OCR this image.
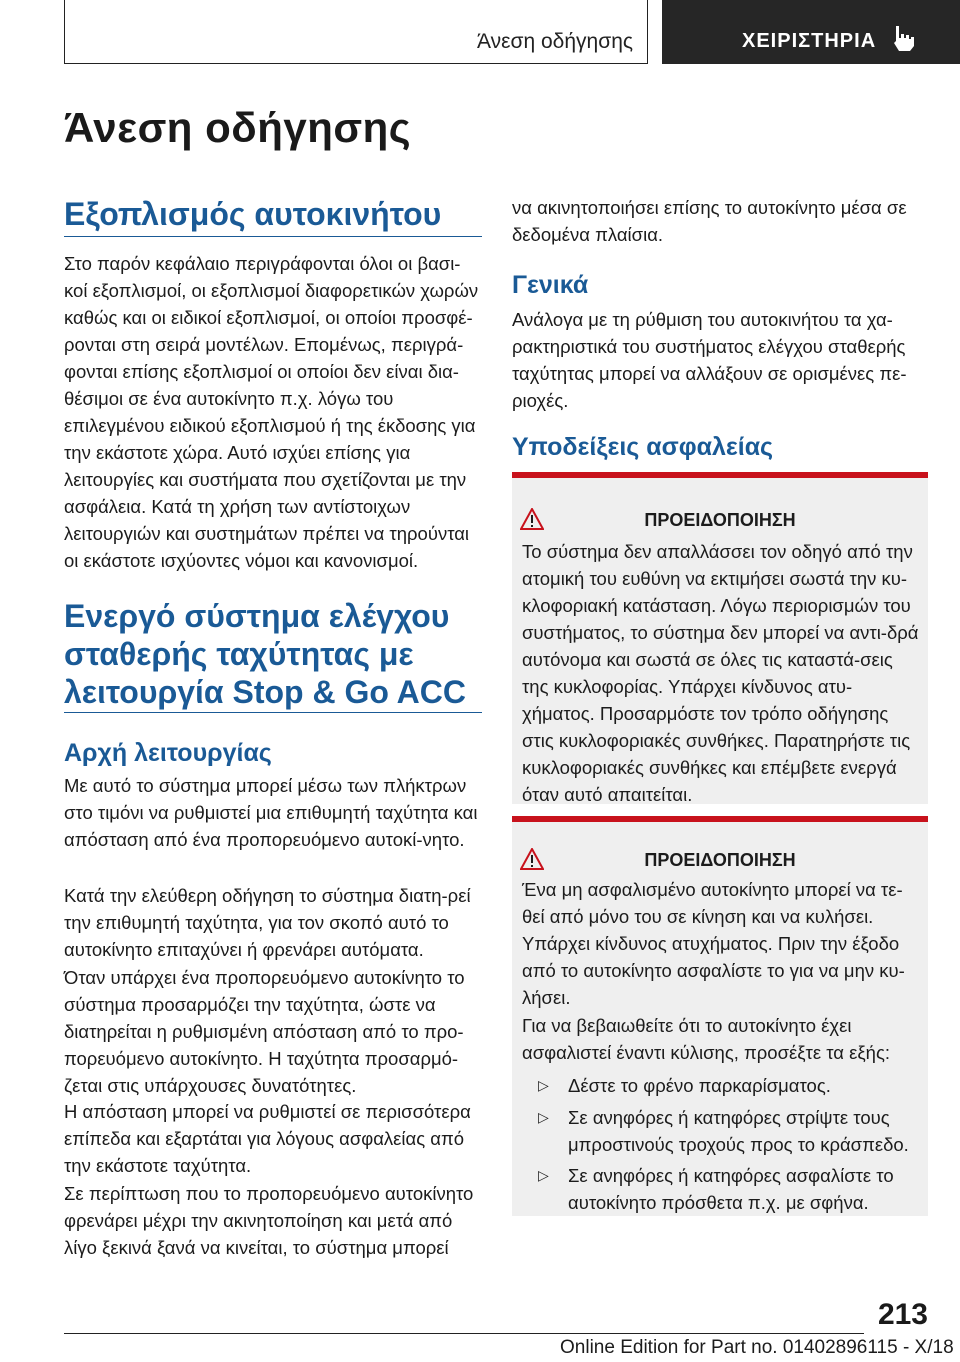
Άνεση οδήγησης	ΧΕΙΡΙΣΤΗΡΙΑ
Άνεση οδήγησης
Εξοπλισμός αυτοκινήτου

Στο παρόν κεφάλαιο περιγράφονται όλοι οι βασι-κοί εξοπλισμοί, οι εξοπλισμοί διαφορετικών χωρών καθώς και οι ειδικοί εξοπλισμοί, οι οποίοι προσφέ-ρονται στη σειρά μοντέλων. Επομένως, περιγρά-φονται επίσης εξοπλισμοί οι οποίοι δεν είναι δια-θέσιμοι σε ένα αυτοκίνητο π.χ. λόγω του επιλεγμένου ειδικού εξοπλισμού ή της έκδοσης για την εκάστοτε χώρα. Αυτό ισχύει επίσης για λειτουργίες και συστήματα που σχετίζονται με την ασφάλεια. Κατά τη χρήση των αντίστοιχων λειτουργιών και συστημάτων πρέπει να τηρούνται οι εκάστοτε ισχύοντες νόμοι και κανονισμοί.

Ενεργό σύστημα ελέγχου
σταθερής ταχύτητας με
λειτουργία Stop & Go ACC
Αρχή λειτουργίας

Με αυτό το σύστημα μπορεί μέσω των πλήκτρων στο τιμόνι να ρυθμιστεί μια επιθυμητή ταχύτητα και απόσταση από ένα προπορευόμενο αυτοκί-νητο.

Κατά την ελεύθερη οδήγηση το σύστημα διατη-ρεί την επιθυμητή ταχύτητα, για τον σκοπό αυτό το αυτοκίνητο επιταχύνει ή φρενάρει αυτόματα.

Όταν υπάρχει ένα προπορευόμενο αυτοκίνητο το σύστημα προσαρμόζει την ταχύτητα, ώστε να διατηρείται η ρυθμισμένη απόσταση από το προ-πορευόμενο αυτοκίνητο. Η ταχύτητα προσαρμό-ζεται στις υπάρχουσες δυνατότητες.

Η απόσταση μπορεί να ρυθμιστεί σε περισσότερα επίπεδα και εξαρτάται για λόγους ασφαλείας από την εκάστοτε ταχύτητα.

Σε περίπτωση που το προπορευόμενο αυτοκίνητο φρενάρει μέχρι την ακινητοποίηση και μετά από λίγο ξεκινά ξανά να κινείται, το σύστημα μπορεί

να ακινητοποιήσει επίσης το αυτοκίνητο μέσα σε δεδομένα πλαίσια.

Γενικά

Ανάλογα με τη ρύθμιση του αυτοκινήτου τα χα-ρακτηριστικά του συστήματος ελέγχου σταθερής ταχύτητας μπορεί να αλλάξουν σε ορισμένες πε-ριοχές.

Υποδείξεις ασφαλείας
ΠΡΟΕΙΔΟΠΟΙΗΣΗ

Το σύστημα δεν απαλλάσσει τον οδηγό από την ατομική του ευθύνη να εκτιμήσει σωστά την κυ-κλοφοριακή κατάσταση. Λόγω περιορισμών του συστήματος, το σύστημα δεν μπορεί να αντι-δρά αυτόνομα και σωστά σε όλες τις καταστά-σεις της κυκλοφορίας. Υπάρχει κίνδυνος ατυ-χήματος. Προσαρμόστε τον τρόπο οδήγησης στις κυκλοφοριακές συνθήκες. Παρατηρήστε τις κυκλοφοριακές συνθήκες και επέμβετε ενεργά όταν αυτό απαιτείται.

ΠΡΟΕΙΔΟΠΟΙΗΣΗ

Ένα μη ασφαλισμένο αυτοκίνητο μπορεί να τε-θεί από μόνο του σε κίνηση και να κυλήσει. Υπάρχει κίνδυνος ατυχήματος. Πριν την έξοδο από το αυτοκίνητο ασφαλίστε το για να μην κυ-λήσει.

Για να βεβαιωθείτε ότι το αυτοκίνητο έχει ασφαλιστεί έναντι κύλισης, προσέξτε τα εξής:

▷ Δέστε το φρένο παρκαρίσματος.
▷ Σε ανηφόρες ή κατηφόρες στρίψτε τους μπροστινούς τροχούς προς το κράσπεδο.
▷ Σε ανηφόρες ή κατηφόρες ασφαλίστε το αυτοκίνητο πρόσθετα π.χ. με σφήνα.
213
Online Edition for Part no. 01402896115 - X/18
